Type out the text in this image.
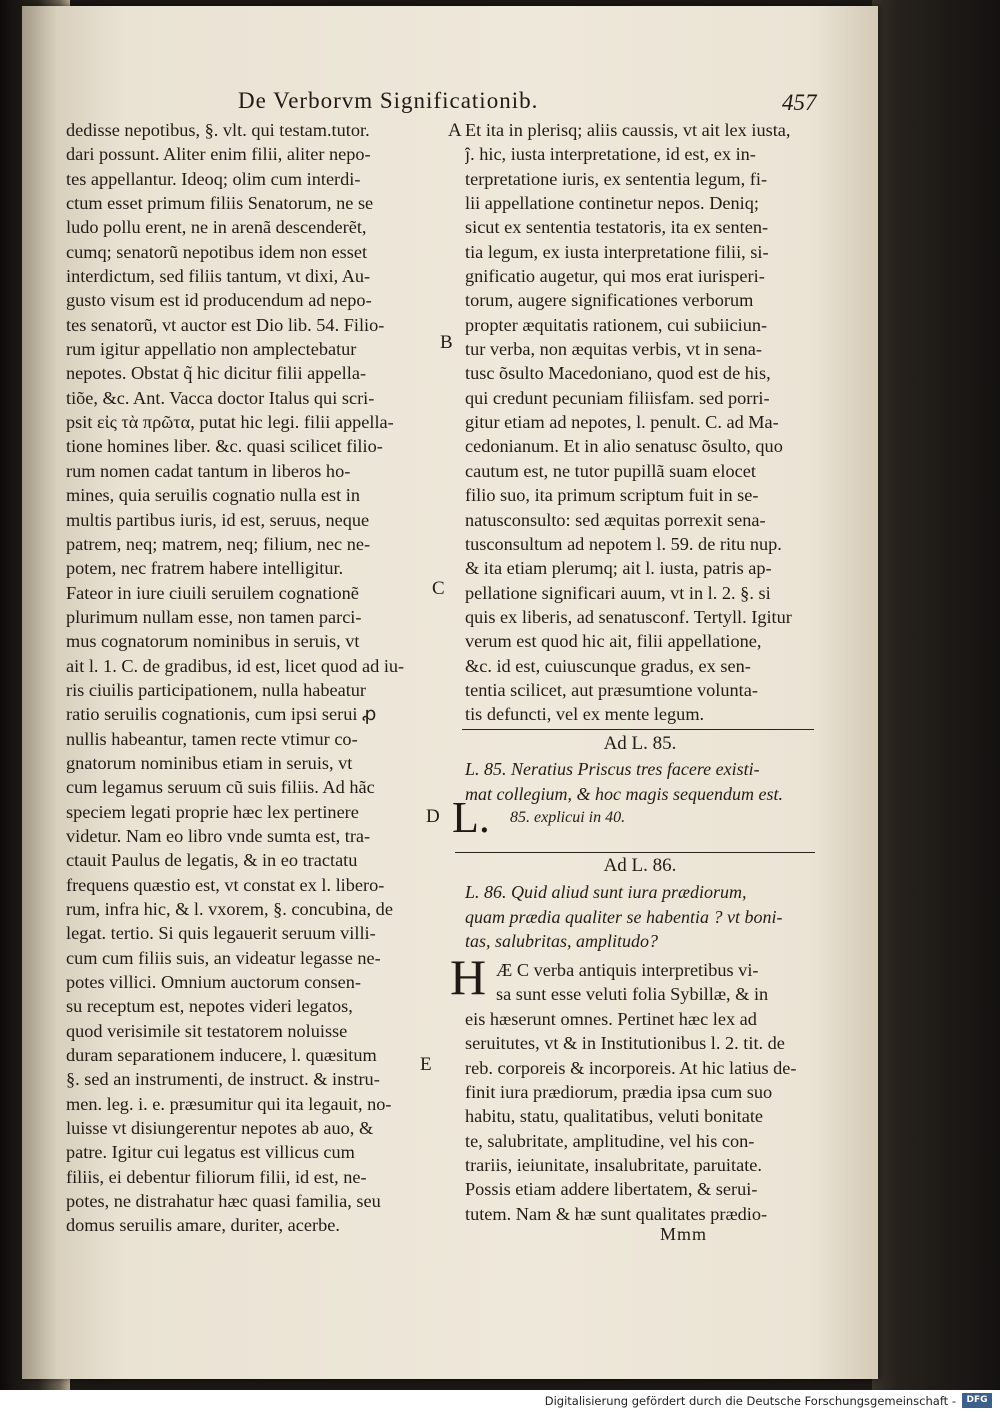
De Verborvm Significationib.	457
dedisse nepotibus, §. vlt. qui testam.tutor.
dari possunt. Aliter enim filii, aliter nepo-
tes appellantur. Ideoq; olim cum interdi-
ctum esset primum filiis Senatorum, ne se
ludo pollu erent, ne in arenã descenderẽt,
cumq; senatorũ nepotibus idem non esset
interdictum, sed filiis tantum, vt dixi, Au-
gusto visum est id producendum ad nepo-
tes senatorũ, vt auctor est Dio lib. 54. Filio-
rum igitur appellatio non amplectebatur
nepotes. Obstat q̃ hic dicitur filii appella-
tiõe, &c. Ant. Vacca doctor Italus qui scri-
psit εἰς τὰ πρῶτα, putat hic legi. filii appella-
tione homines liber. &c. quasi scilicet filio-
rum nomen cadat tantum in liberos ho-
mines, quia seruilis cognatio nulla est in
multis partibus iuris, id est, seruus, neque
patrem, neq; matrem, neq; filium, nec ne-
potem, nec fratrem habere intelligitur.
Fateor in iure ciuili seruilem cognationẽ
plurimum nullam esse, non tamen parci-
mus cognatorum nominibus in seruis, vt
ait l. 1. C. de gradibus, id est, licet quod ad iu-
ris ciuilis participationem, nulla habeatur
ratio seruilis cognationis, cum ipsi serui ꝓ
nullis habeantur, tamen recte vtimur co-
gnatorum nominibus etiam in seruis, vt
cum legamus seruum cũ suis filiis. Ad hãc
speciem legati proprie hæc lex pertinere
videtur. Nam eo libro vnde sumta est, tra-
ctauit Paulus de legatis, & in eo tractatu
frequens quæstio est, vt constat ex l. libero-
rum, infra hic, & l. vxorem, §. concubina, de
legat. tertio. Si quis legauerit seruum villi-
cum cum filiis suis, an videatur legasse ne-
potes villici. Omnium auctorum consen-
su receptum est, nepotes videri legatos,
quod verisimile sit testatorem noluisse
duram separationem inducere, l. quæsitum
§. sed an instrumenti, de instruct. & instru-
men. leg. i. e. præsumitur qui ita legauit, no-
luisse vt disiungerentur nepotes ab auo, &
patre. Igitur cui legatus est villicus cum
filiis, ei debentur filiorum filii, id est, ne-
potes, ne distrahatur hæc quasi familia, seu
domus seruilis amare, duriter, acerbe.
A
B
C
D
E
Et ita in plerisq; aliis caussis, vt ait lex iusta,
ĵ. hic, iusta interpretatione, id est, ex in-
terpretatione iuris, ex sententia legum, fi-
lii appellatione continetur nepos. Deniq;
sicut ex sententia testatoris, ita ex senten-
tia legum, ex iusta interpretatione filii, si-
gnificatio augetur, qui mos erat iurisperi-
torum, augere significationes verborum
propter æquitatis rationem, cui subiiciun-
tur verba, non æquitas verbis, vt in sena-
tusc õsulto Macedoniano, quod est de his,
qui credunt pecuniam filiisfam. sed porri-
gitur etiam ad nepotes, l. penult. C. ad Ma-
cedonianum. Et in alio senatusc õsulto, quo
cautum est, ne tutor pupillã suam elocet
filio suo, ita primum scriptum fuit in se-
natusconsulto: sed æquitas porrexit sena-
tusconsultum ad nepotem l. 59. de ritu nup.
& ita etiam plerumq; ait l. iusta, patris ap-
pellatione significari auum, vt in l. 2. §. si
quis ex liberis, ad senatusconf. Tertyll. Igitur
verum est quod hic ait, filii appellatione,
&c. id est, cuiuscunque gradus, ex sen-
tentia scilicet, aut præsumtione volunta-
tis defuncti, vel ex mente legum.
Ad L. 85.
L. 85. Neratius Priscus tres facere existi-
mat collegium, & hoc magis sequendum est.
L. 85. explicui in 40.
Ad L. 86.
L. 86. Quid aliud sunt iura prædiorum,
quam prædia qualiter se habentia ? vt boni-
tas, salubritas, amplitudo?
H Æ C verba antiquis interpretibus vi-
sa sunt esse veluti folia Sybillæ, & in
eis hæserunt omnes. Pertinet hæc lex ad
seruitutes, vt & in Institutionibus l. 2. tit. de
reb. corporeis & incorporeis. At hic latius de-
finit iura prædiorum, prædia ipsa cum suo
habitu, statu, qualitatibus, veluti bonitate
te, salubritate, amplitudine, vel his con-
trariis, ieiunitate, insalubritate, paruitate.
Possis etiam addere libertatem, & serui-
tutem. Nam & hæ sunt qualitates prædio-
Mmm
Digitalisierung gefördert durch die Deutsche Forschungsgemeinschaft -	DFG
